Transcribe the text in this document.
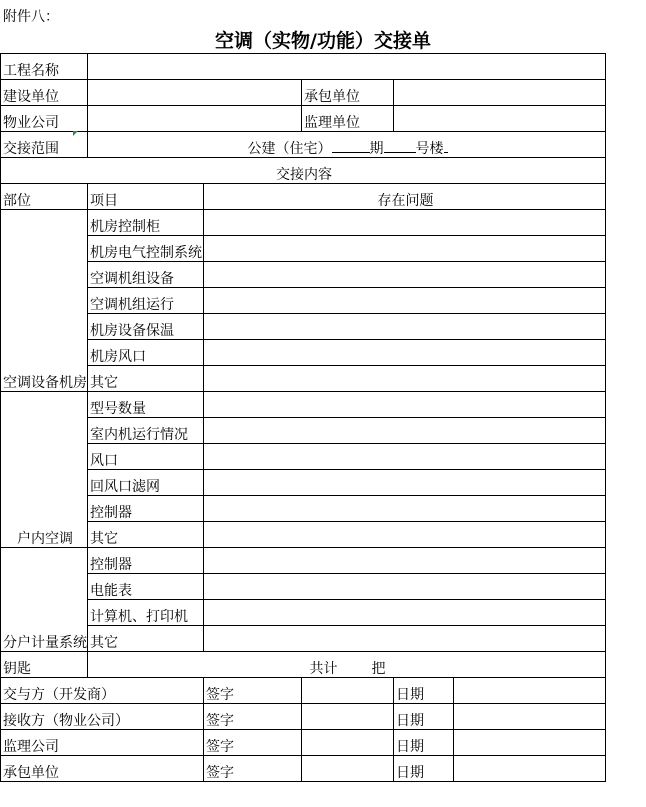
附件八：
空调（实物/功能）交接单
工程名称					
建设单位			承包单位		
物业公司			监理单位		
交接范围	公建（住宅） 期 号楼				
交接内容					
部位	项目	存在问题			
空调设备机房	机房控制柜				
	机房电气控制系统				
	空调机组设备				
	空调机组运行				
	机房设备保温				
	机房风口				
	其它				
户内空调	型号数量				
	室内机运行情况				
	风口				
	回风口滤网				
	控制器				
	其它				
分户计量系统	控制器				
	电能表				
	计算机、打印机				
	其它				
钥匙	共计 把				
交与方（开发商）		签字		日期	
接收方（物业公司）		签字		日期	
监理公司		签字		日期	
承包单位		签字		日期	
